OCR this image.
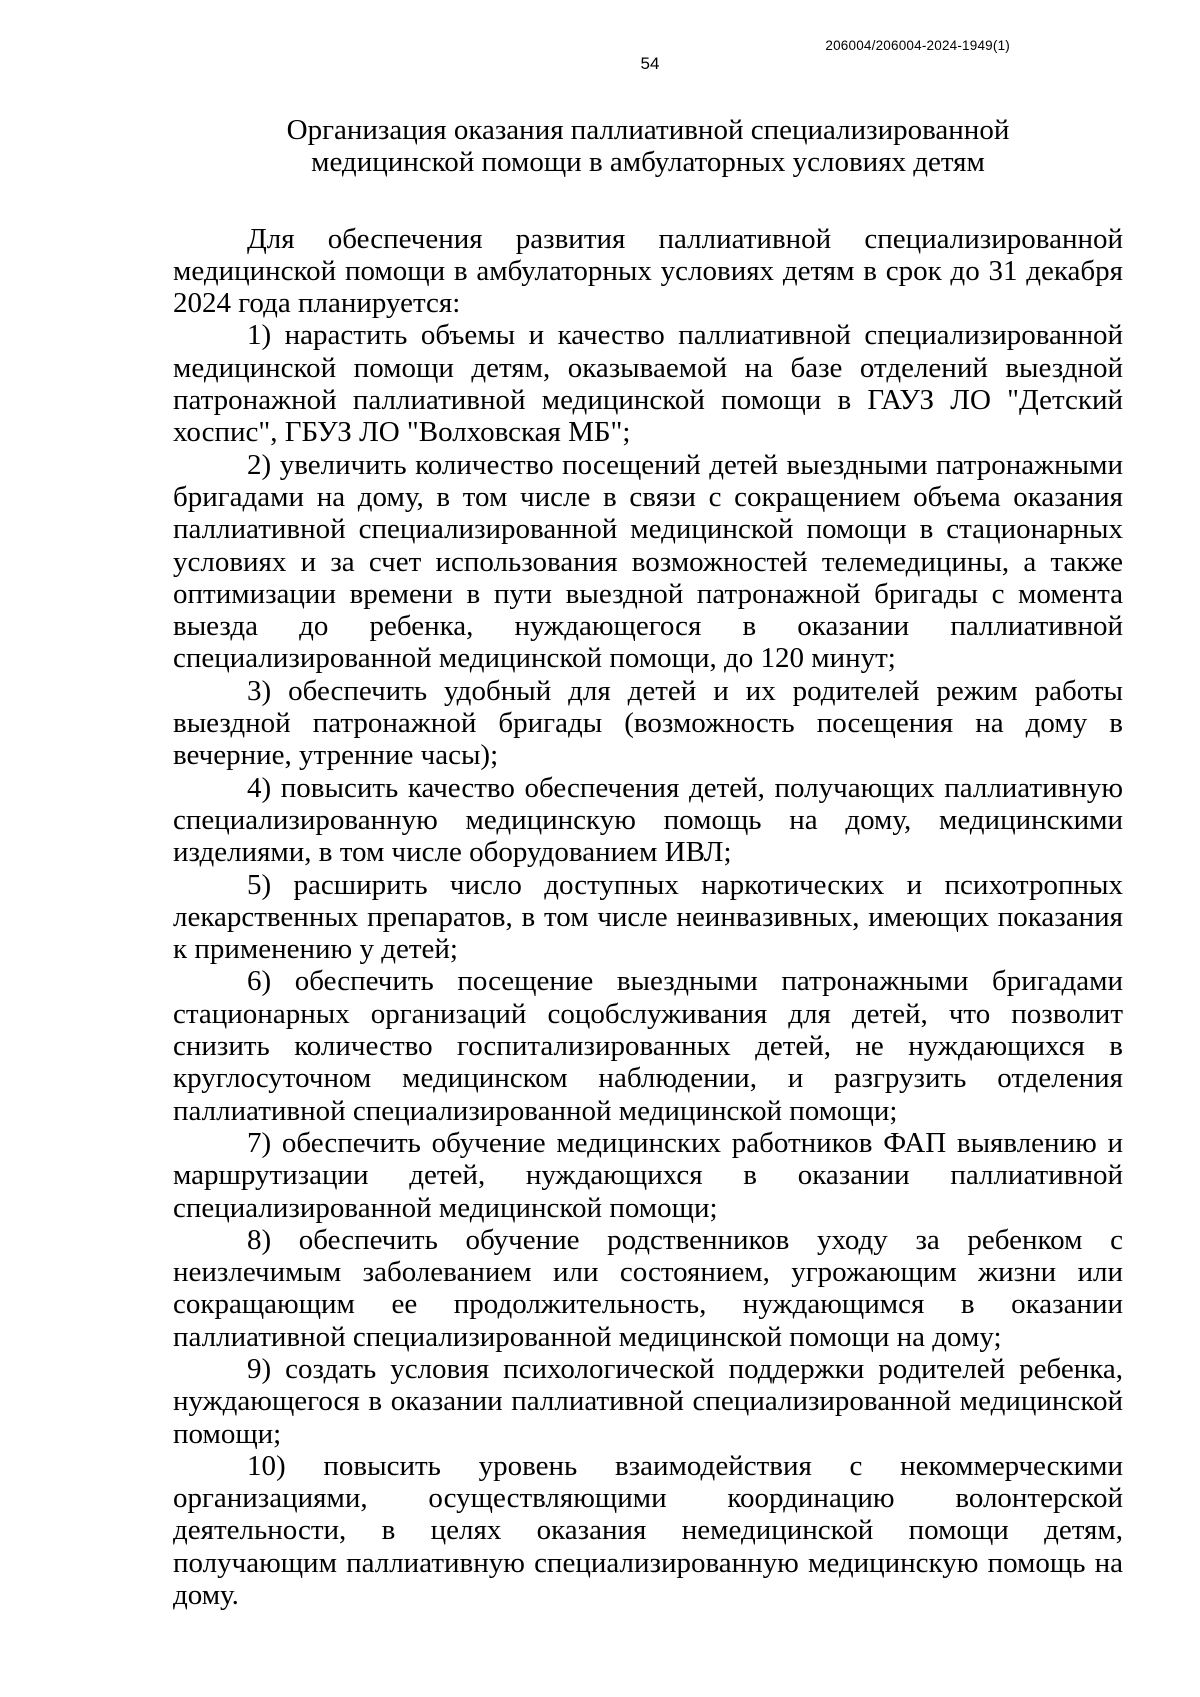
206004/206004-2024-1949(1)
54
Организация оказания паллиативной специализированной
медицинской помощи в амбулаторных условиях детям

Для обеспечения развития паллиативной специализированной медицинской помощи в амбулаторных условиях детям в срок до 31 декабря 2024 года планируется:

1) нарастить объемы и качество паллиативной специализированной медицинской помощи детям, оказываемой на базе отделений выездной патронажной паллиативной медицинской помощи в ГАУЗ ЛО "Детский хоспис", ГБУЗ ЛО "Волховская МБ";

2) увеличить количество посещений детей выездными патронажными бригадами на дому, в том числе в связи с сокращением объема оказания паллиативной специализированной медицинской помощи в стационарных условиях и за счет использования возможностей телемедицины, а также оптимизации времени в пути выездной патронажной бригады с момента выезда до ребенка, нуждающегося в оказании паллиативной специализированной медицинской помощи, до 120 минут;

3) обеспечить удобный для детей и их родителей режим работы выездной патронажной бригады (возможность посещения на дому в вечерние, утренние часы);

4) повысить качество обеспечения детей, получающих паллиативную специализированную медицинскую помощь на дому, медицинскими изделиями, в том числе оборудованием ИВЛ;

5) расширить число доступных наркотических и психотропных лекарственных препаратов, в том числе неинвазивных, имеющих показания к применению у детей;

6) обеспечить посещение выездными патронажными бригадами стационарных организаций соцобслуживания для детей, что позволит снизить количество госпитализированных детей, не нуждающихся в круглосуточном медицинском наблюдении, и разгрузить отделения паллиативной специализированной медицинской помощи;

7) обеспечить обучение медицинских работников ФАП выявлению и маршрутизации детей, нуждающихся в оказании паллиативной специализированной медицинской помощи;

8) обеспечить обучение родственников уходу за ребенком с неизлечимым заболеванием или состоянием, угрожающим жизни или сокращающим ее продолжительность, нуждающимся в оказании паллиативной специализированной медицинской помощи на дому;

9) создать условия психологической поддержки родителей ребенка, нуждающегося в оказании паллиативной специализированной медицинской помощи;

10) повысить уровень взаимодействия с некоммерческими организациями, осуществляющими координацию волонтерской деятельности, в целях оказания немедицинской помощи детям, получающим паллиативную специализированную медицинскую помощь на дому.
